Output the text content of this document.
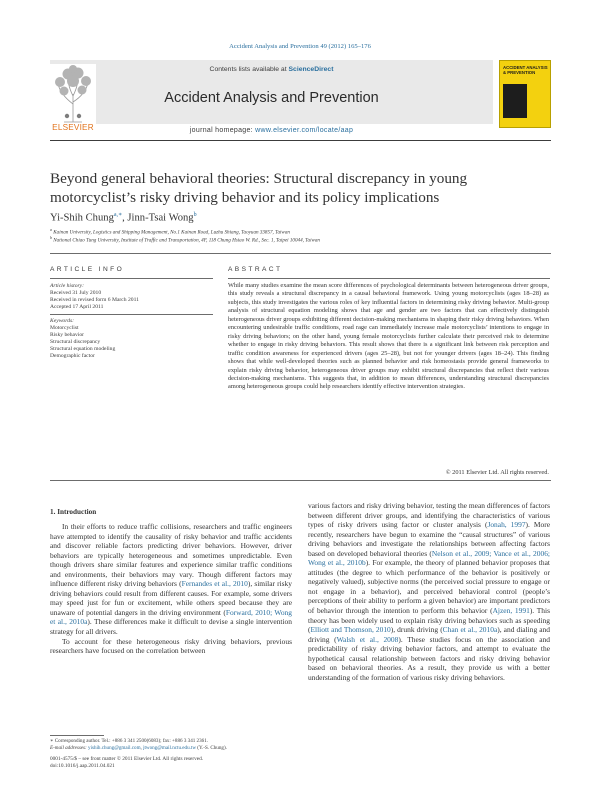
Accident Analysis and Prevention 49 (2012) 165–176
Contents lists available at ScienceDirect
Accident Analysis and Prevention
ELSEVIER
ACCIDENT ANALYSIS & PREVENTION
journal homepage: www.elsevier.com/locate/aap
Beyond general behavioral theories: Structural discrepancy in young motorcyclist’s risky driving behavior and its policy implications
Yi-Shih Chung$^{a,∗}$, Jinn-Tsai Wong$^b$
$^a$ Kainan University, Logistics and Shipping Management, No.1 Kainan Road, Luzhu Shiang, Taoyuan 33857, Taiwan
$^b$ National Chiao Tung University, Institute of Traffic and Transportation, 4F, 118 Chung Hsiao W. Rd., Sec. 1, Taipei 10044, Taiwan
ARTICLE INFO	ABSTRACT
Article history:
Received 31 July 2010
Received in revised form 6 March 2011
Accepted 17 April 2011
Keywords:
Motorcyclist
Risky behavior
Structural discrepancy
Structural equation modeling
Demographic factor
While many studies examine the mean score differences of psychological determinants between heterogeneous driver groups, this study reveals a structural discrepancy in a causal behavioral framework. Using young motorcyclists (ages 18–28) as subjects, this study investigates the various roles of key influential factors in determining risky driving behavior. Multi-group analysis of structural equation modeling shows that age and gender are two factors that can effectively distinguish heterogeneous driver groups exhibiting different decision-making mechanisms in shaping their risky driving behaviors. When encountering undesirable traffic conditions, road rage can immediately increase male motorcyclists’ intentions to engage in risky driving behaviors; on the other hand, young female motorcyclists further calculate their perceived risk to determine whether to engage in risky driving behaviors. This result shows that there is a significant link between risk perception and traffic condition awareness for experienced drivers (ages 25–28), but not for younger drivers (ages 18–24). This finding shows that while well-developed theories such as planned behavior and risk homeostasis provide general frameworks to explain risky driving behavior, heterogeneous driver groups may exhibit structural discrepancies that reflect their various decision-making mechanisms. This suggests that, in addition to mean differences, understanding structural discrepancies among heterogeneous groups could help researchers identify effective intervention strategies.
© 2011 Elsevier Ltd. All rights reserved.
1. Introduction

In their efforts to reduce traffic collisions, researchers and traffic engineers have attempted to identify the causality of risky behavior and traffic accidents and discover reliable factors predicting driver behaviors. However, driver behaviors are typically heterogeneous and sometimes unpredictable. Even though drivers share similar features and experience similar traffic conditions and environments, their behaviors may vary. Though different factors may influence different risky driving behaviors (Fernandes et al., 2010), similar risky driving behaviors could result from different causes. For example, some drivers may speed just for fun or excitement, while others speed because they are unaware of potential dangers in the driving environment (Forward, 2010; Wong et al., 2010a). These differences make it difficult to devise a single intervention strategy for all drivers.

To account for these heterogeneous risky driving behaviors, previous researchers have focused on the correlation between

various factors and risky driving behavior, testing the mean differences of factors between different driver groups, and identifying the characteristics of various types of risky drivers using factor or cluster analysis (Jonah, 1997). More recently, researchers have begun to examine the “causal structures” of various driving behaviors and investigate the relationships between affecting factors based on developed behavioral theories (Nelson et al., 2009; Vance et al., 2006; Wong et al., 2010b). For example, the theory of planned behavior proposes that attitudes (the degree to which performance of the behavior is positively or negatively valued), subjective norms (the perceived social pressure to engage or not engage in a behavior), and perceived behavioral control (people’s perceptions of their ability to perform a given behavior) are important predictors of behavior through the intention to perform this behavior (Ajzen, 1991). This theory has been widely used to explain risky driving behaviors such as speeding (Elliott and Thomson, 2010), drunk driving (Chan et al., 2010a), and dialing and driving (Walsh et al., 2008). These studies focus on the association and predictability of risky driving behavior factors, and attempt to evaluate the hypothetical causal relationship between factors and risky driving behavior based on behavioral theories. As a result, they provide us with a better understanding of the formation of various risky driving behaviors.

∗ Corresponding author. Tel.: +886 3 341 2500(6083); fax: +886 3 341 2361.
E-mail addresses: yishih.chung@gmail.com, jtwong@mail.nctu.edu.tw (Y.-S. Chung).
0001-4575/$ – see front matter © 2011 Elsevier Ltd. All rights reserved.
doi:10.1016/j.aap.2011.04.021
